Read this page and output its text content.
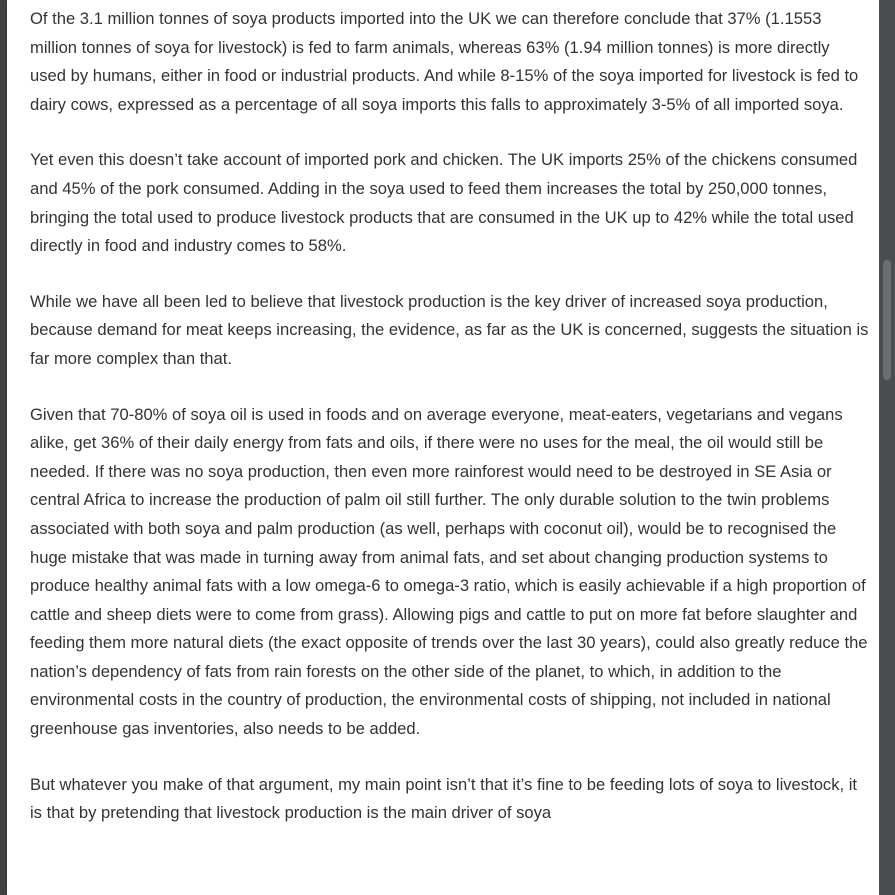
Of the 3.1 million tonnes of soya products imported into the UK we can therefore conclude that 37% (1.1553 million tonnes of soya for livestock) is fed to farm animals, whereas 63% (1.94 million tonnes) is more directly used by humans, either in food or industrial products. And while 8-15% of the soya imported for livestock is fed to dairy cows, expressed as a percentage of all soya imports this falls to approximately 3-5% of all imported soya.

Yet even this doesn’t take account of imported pork and chicken. The UK imports 25% of the chickens consumed and 45% of the pork consumed. Adding in the soya used to feed them increases the total by 250,000 tonnes, bringing the total used to produce livestock products that are consumed in the UK up to 42% while the total used directly in food and industry comes to 58%.

While we have all been led to believe that livestock production is the key driver of increased soya production, because demand for meat keeps increasing, the evidence, as far as the UK is concerned, suggests the situation is far more complex than that.

Given that 70-80% of soya oil is used in foods and on average everyone, meat-eaters, vegetarians and vegans alike, get 36% of their daily energy from fats and oils, if there were no uses for the meal, the oil would still be needed. If there was no soya production, then even more rainforest would need to be destroyed in SE Asia or central Africa to increase the production of palm oil still further. The only durable solution to the twin problems associated with both soya and palm production (as well, perhaps with coconut oil), would be to recognised the huge mistake that was made in turning away from animal fats, and set about changing production systems to produce healthy animal fats with a low omega-6 to omega-3 ratio, which is easily achievable if a high proportion of cattle and sheep diets were to come from grass). Allowing pigs and cattle to put on more fat before slaughter and feeding them more natural diets (the exact opposite of trends over the last 30 years), could also greatly reduce the nation’s dependency of fats from rain forests on the other side of the planet, to which, in addition to the environmental costs in the country of production, the environmental costs of shipping, not included in national greenhouse gas inventories, also needs to be added.

But whatever you make of that argument, my main point isn’t that it’s fine to be feeding lots of soya to livestock, it is that by pretending that livestock production is the main driver of soya
